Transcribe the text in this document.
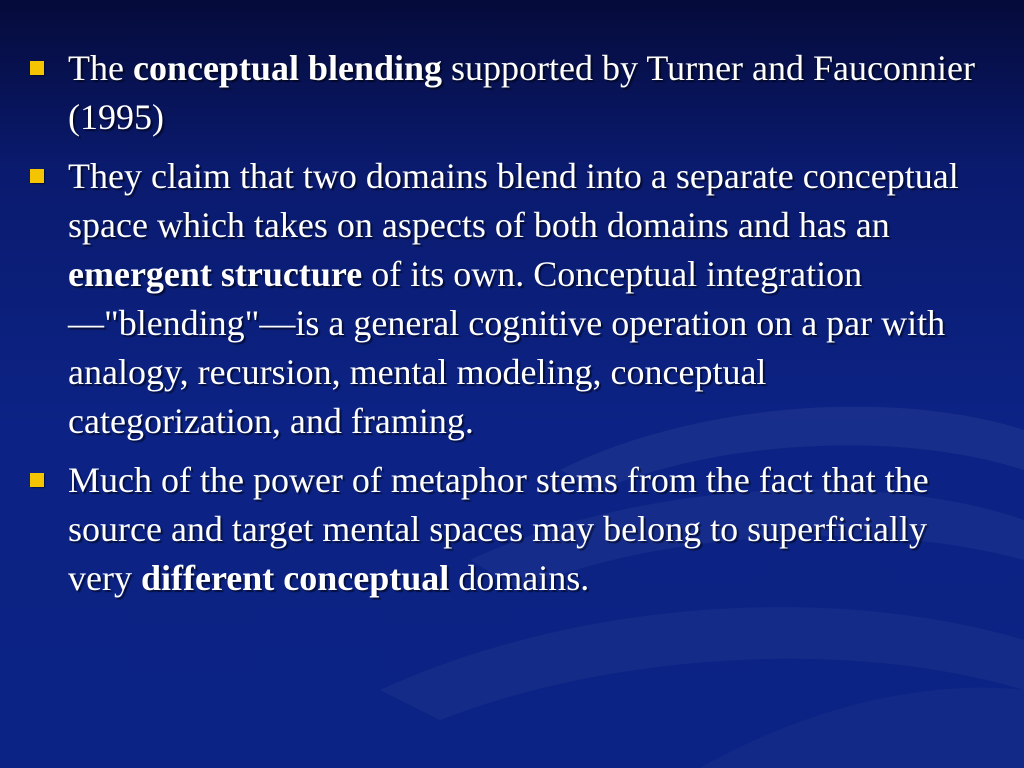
The conceptual blending supported by Turner and Fauconnier (1995)
They claim that two domains blend into a separate conceptual space which takes on aspects of both domains and has an emergent structure of its own. Conceptual integration—"blending"—is a general cognitive operation on a par with analogy, recursion, mental modeling, conceptual categorization, and framing.
Much of the power of metaphor stems from the fact that the source and target mental spaces may belong to superficially very different conceptual domains.
